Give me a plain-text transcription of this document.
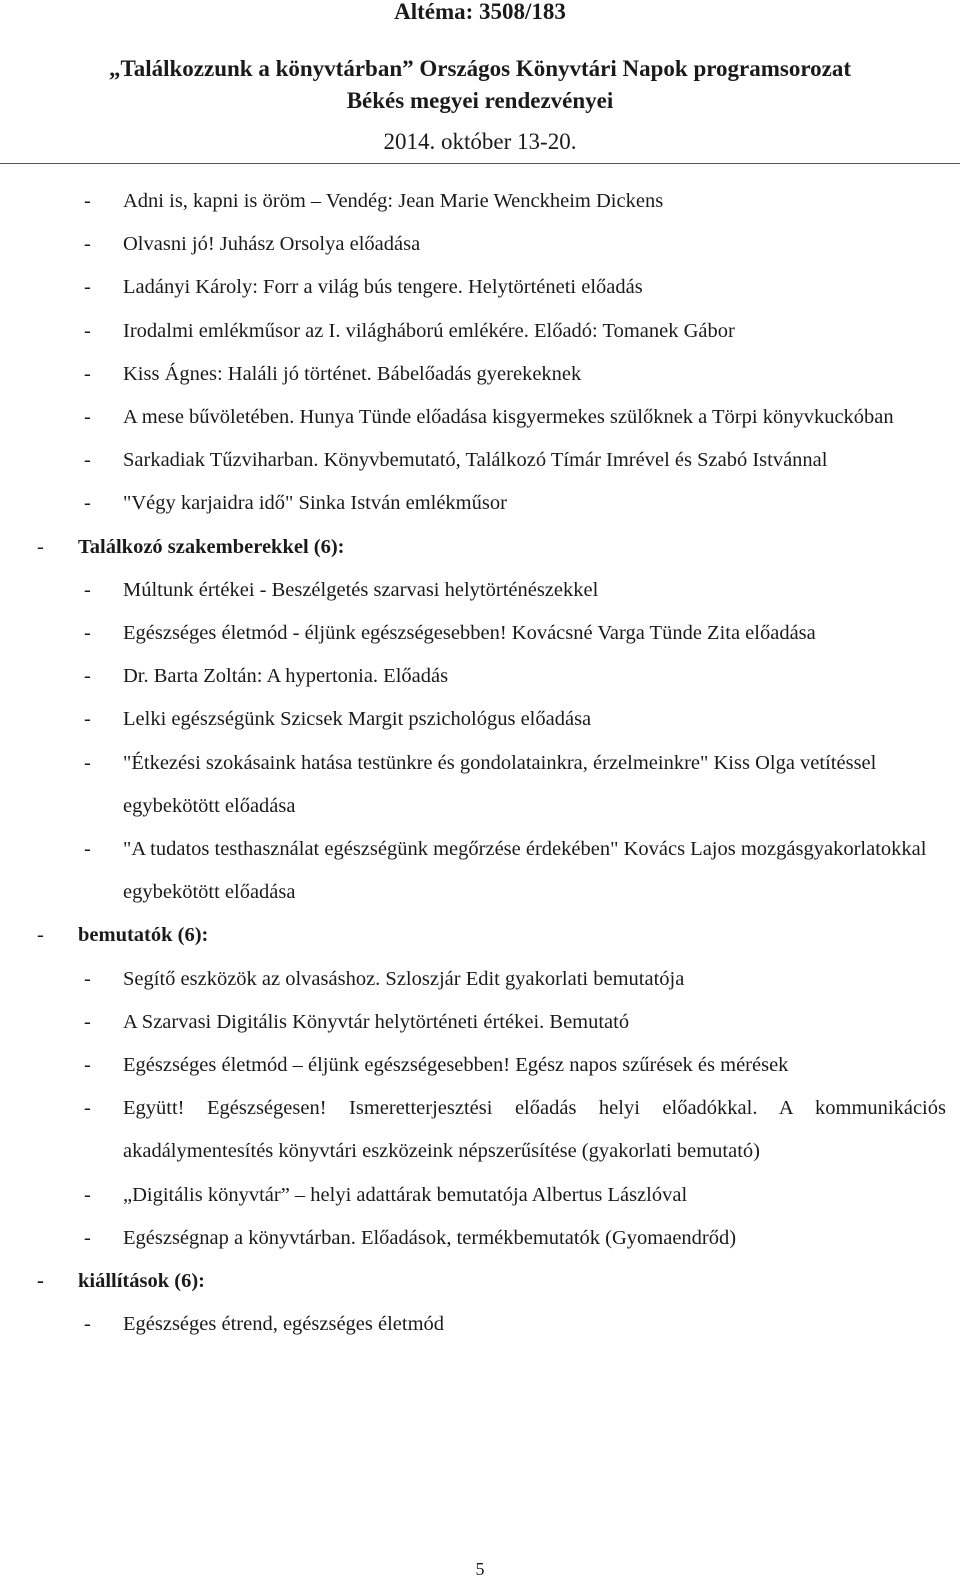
Altéma: 3508/183
„Találkozzunk a könyvtárban” Országos Könyvtári Napok programsorozat
Békés megyei rendezvényei
2014. október 13-20.
- Adni is, kapni is öröm – Vendég: Jean Marie Wenckheim Dickens
- Olvasni jó! Juhász Orsolya előadása
- Ladányi Károly: Forr a világ bús tengere. Helytörténeti előadás
- Irodalmi emlékműsor az I. világháború emlékére. Előadó: Tomanek Gábor
- Kiss Ágnes: Haláli jó történet. Bábelőadás gyerekeknek
- A mese bűvöletében. Hunya Tünde előadása kisgyermekes szülőknek a Törpi könyvkuckóban
- Sarkadiak Tűzviharban. Könyvbemutató, Találkozó Tímár Imrével és Szabó Istvánnal
- "Végy karjaidra idő" Sinka István emlékműsor
- Találkozó szakemberekkel (6):
- Múltunk értékei - Beszélgetés szarvasi helytörténészekkel
- Egészséges életmód - éljünk egészségesebben! Kovácsné Varga Tünde Zita előadása
- Dr. Barta Zoltán: A hypertonia. Előadás
- Lelki egészségünk Szicsek Margit pszichológus előadása
- "Étkezési szokásaink hatása testünkre és gondolatainkra, érzelmeinkre" Kiss Olga vetítéssel egybekötött előadása
- "A tudatos testhasználat egészségünk megőrzése érdekében" Kovács Lajos mozgásgyakorlatokkal egybekötött előadása
- bemutatók (6):
- Segítő eszközök az olvasáshoz. Szloszjár Edit gyakorlati bemutatója
- A Szarvasi Digitális Könyvtár helytörténeti értékei. Bemutató
- Egészséges életmód – éljünk egészségesebben! Egész napos szűrések és mérések
- Együtt! Egészségesen! Ismeretterjesztési előadás helyi előadókkal. A kommunikációs akadálymentesítés könyvtári eszközeink népszerűsítése (gyakorlati bemutató)
- „Digitális könyvtár” – helyi adattárak bemutatója Albertus Lászlóval
- Egészségnap a könyvtárban. Előadások, termékbemutatók (Gyomaendrőd)
- kiállítások (6):
- Egészséges étrend, egészséges életmód
5
